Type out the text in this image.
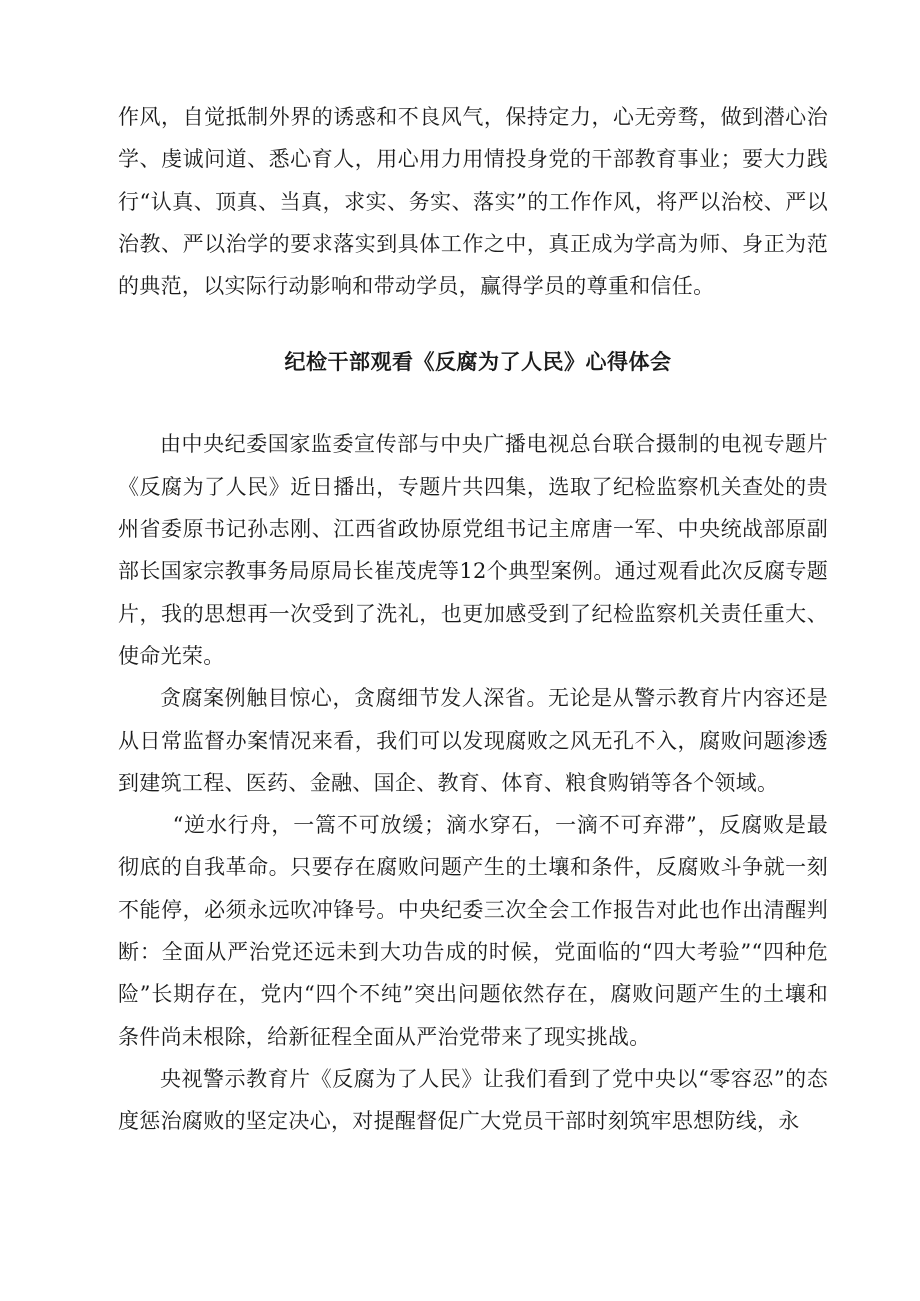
作风，自觉抵制外界的诱惑和不良风气，保持定力，心无旁骛，做到潜心治学、虔诚问道、悉心育人，用心用力用情投身党的干部教育事业；要大力践行“认真、顶真、当真，求实、务实、落实”的工作作风，将严以治校、严以治教、严以治学的要求落实到具体工作之中，真正成为学高为师、身正为范的典范，以实际行动影响和带动学员，赢得学员的尊重和信任。

纪检干部观看《反腐为了人民》心得体会

由中央纪委国家监委宣传部与中央广播电视总台联合摄制的电视专题片《反腐为了人民》近日播出，专题片共四集，选取了纪检监察机关查处的贵州省委原书记孙志刚、江西省政协原党组书记主席唐一军、中央统战部原副部长国家宗教事务局原局长崔茂虎等12个典型案例。通过观看此次反腐专题片，我的思想再一次受到了洗礼，也更加感受到了纪检监察机关责任重大、使命光荣。

贪腐案例触目惊心，贪腐细节发人深省。无论是从警示教育片内容还是从日常监督办案情况来看，我们可以发现腐败之风无孔不入，腐败问题渗透到建筑工程、医药、金融、国企、教育、体育、粮食购销等各个领域。

“逆水行舟，一篙不可放缓；滴水穿石，一滴不可弃滞”，反腐败是最彻底的自我革命。只要存在腐败问题产生的土壤和条件，反腐败斗争就一刻不能停，必须永远吹冲锋号。中央纪委三次全会工作报告对此也作出清醒判断：全面从严治党还远未到大功告成的时候，党面临的“四大考验”“四种危险”长期存在，党内“四个不纯”突出问题依然存在，腐败问题产生的土壤和条件尚未根除，给新征程全面从严治党带来了现实挑战。

央视警示教育片《反腐为了人民》让我们看到了党中央以“零容忍”的态度惩治腐败的坚定决心，对提醒督促广大党员干部时刻筑牢思想防线，永
